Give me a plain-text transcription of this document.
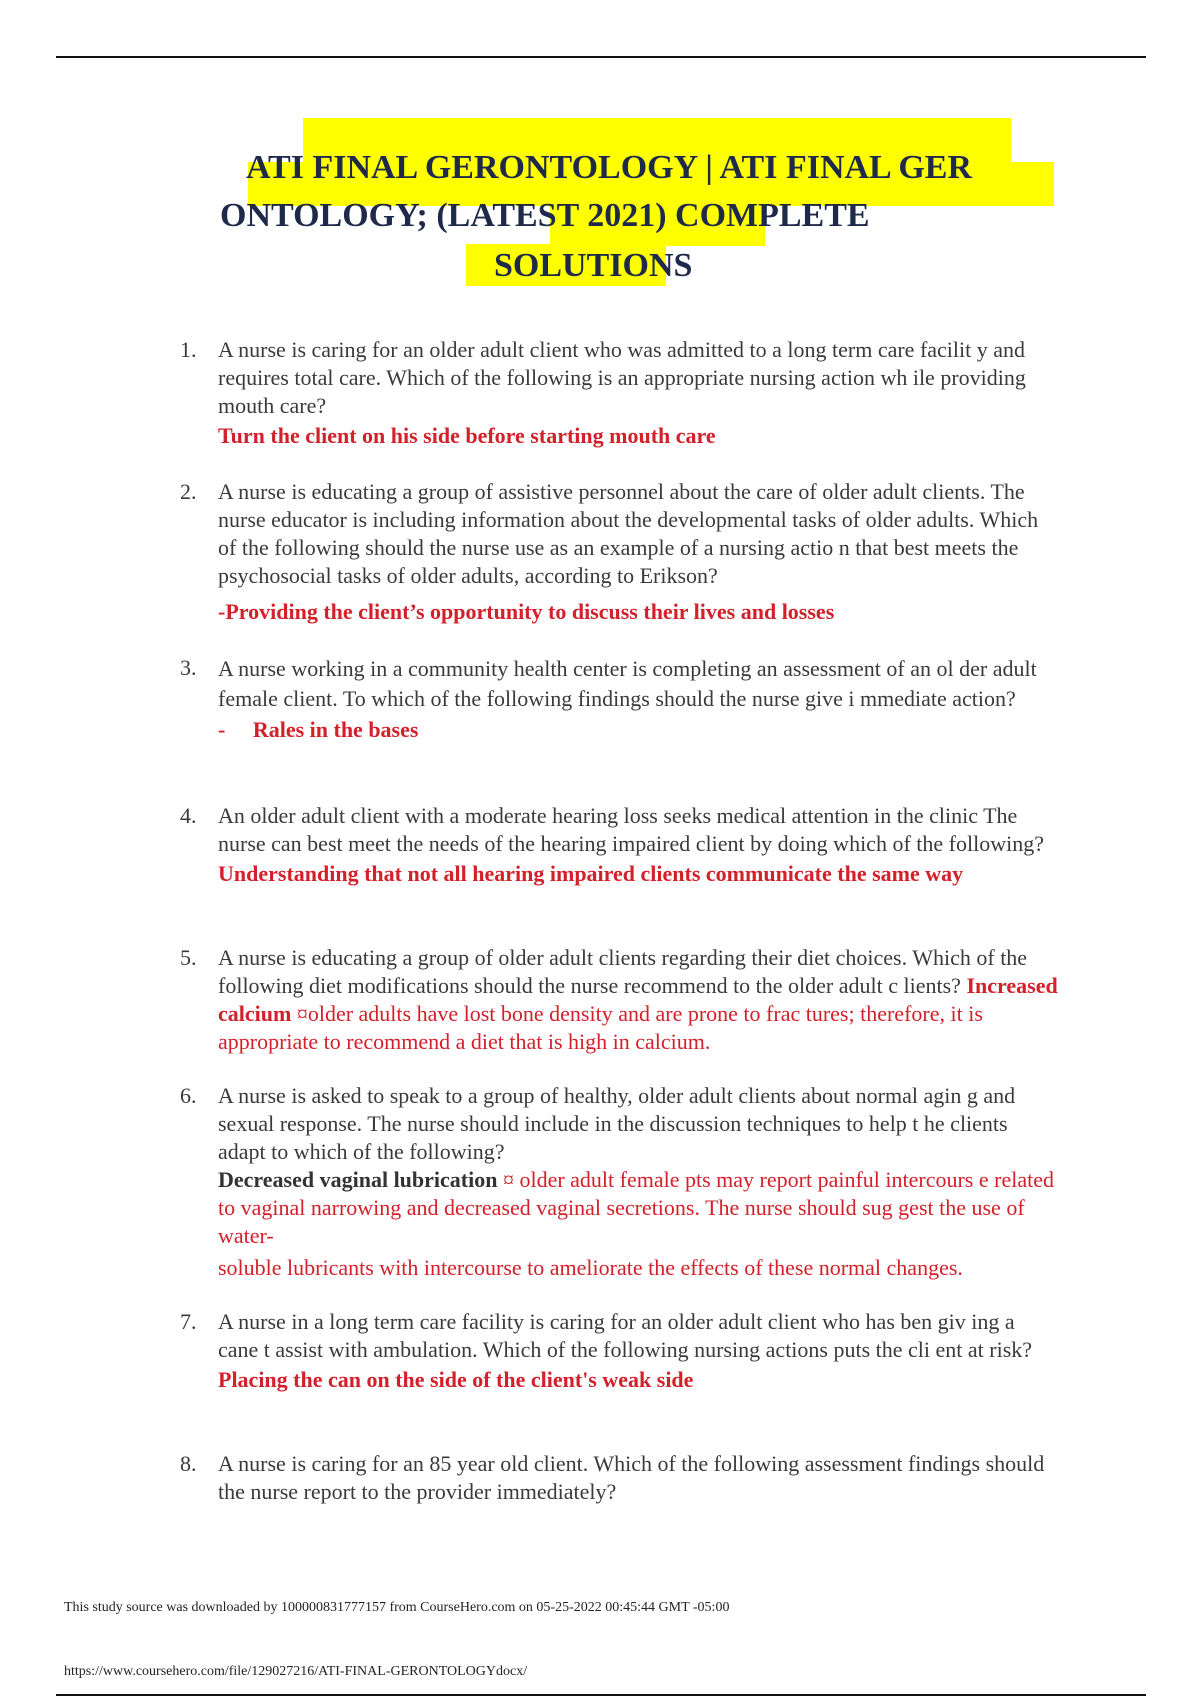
ATI FINAL GERONTOLOGY | ATI FINAL GER
ONTOLOGY; (LATEST 2021) COMPLETE
SOLUTIONS
1. A nurse is caring for an older adult client who was admitted to a long term care facilit y and requires total care. Which of the following is an appropriate nursing action wh ile providing mouth care?
Turn the client on his side before starting mouth care
2. A nurse is educating a group of assistive personnel about the care of older adult clients. The nurse educator is including information about the developmental tasks of older adults. Which of the following should the nurse use as an example of a nursing actio n that best meets the psychosocial tasks of older adults, according to Erikson?
-Providing the client’s opportunity to discuss their lives and losses
3. A nurse working in a community health center is completing an assessment of an ol der adult female client. To which of the following findings should the nurse give i mmediate action?
-     Rales in the bases
4. An older adult client with a moderate hearing loss seeks medical attention in the clinic The nurse can best meet the needs of the hearing impaired client by doing which of the following?
Understanding that not all hearing impaired clients communicate the same way
5. A nurse is educating a group of older adult clients regarding their diet choices. Which of the following diet modifications should the nurse recommend to the older adult c lients? Increased calcium ¤older adults have lost bone density and are prone to frac tures; therefore, it is appropriate to recommend a diet that is high in calcium.
6. A nurse is asked to speak to a group of healthy, older adult clients about normal agin g and sexual response. The nurse should include in the discussion techniques to help t he clients adapt to which of the following?
Decreased vaginal lubrication ¤ older adult female pts may report painful intercours e related to vaginal narrowing and decreased vaginal secretions. The nurse should sug gest the use of water-
soluble lubricants with intercourse to ameliorate the effects of these normal changes.
7. A nurse in a long term care facility is caring for an older adult client who has ben giv ing a cane t assist with ambulation. Which of the following nursing actions puts the cli ent at risk?
Placing the can on the side of the client's weak side
8. A nurse is caring for an 85 year old client. Which of the following assessment findings should the nurse report to the provider immediately?
This study source was downloaded by 100000831777157 from CourseHero.com on 05-25-2022 00:45:44 GMT -05:00
https://www.coursehero.com/file/129027216/ATI-FINAL-GERONTOLOGYdocx/
